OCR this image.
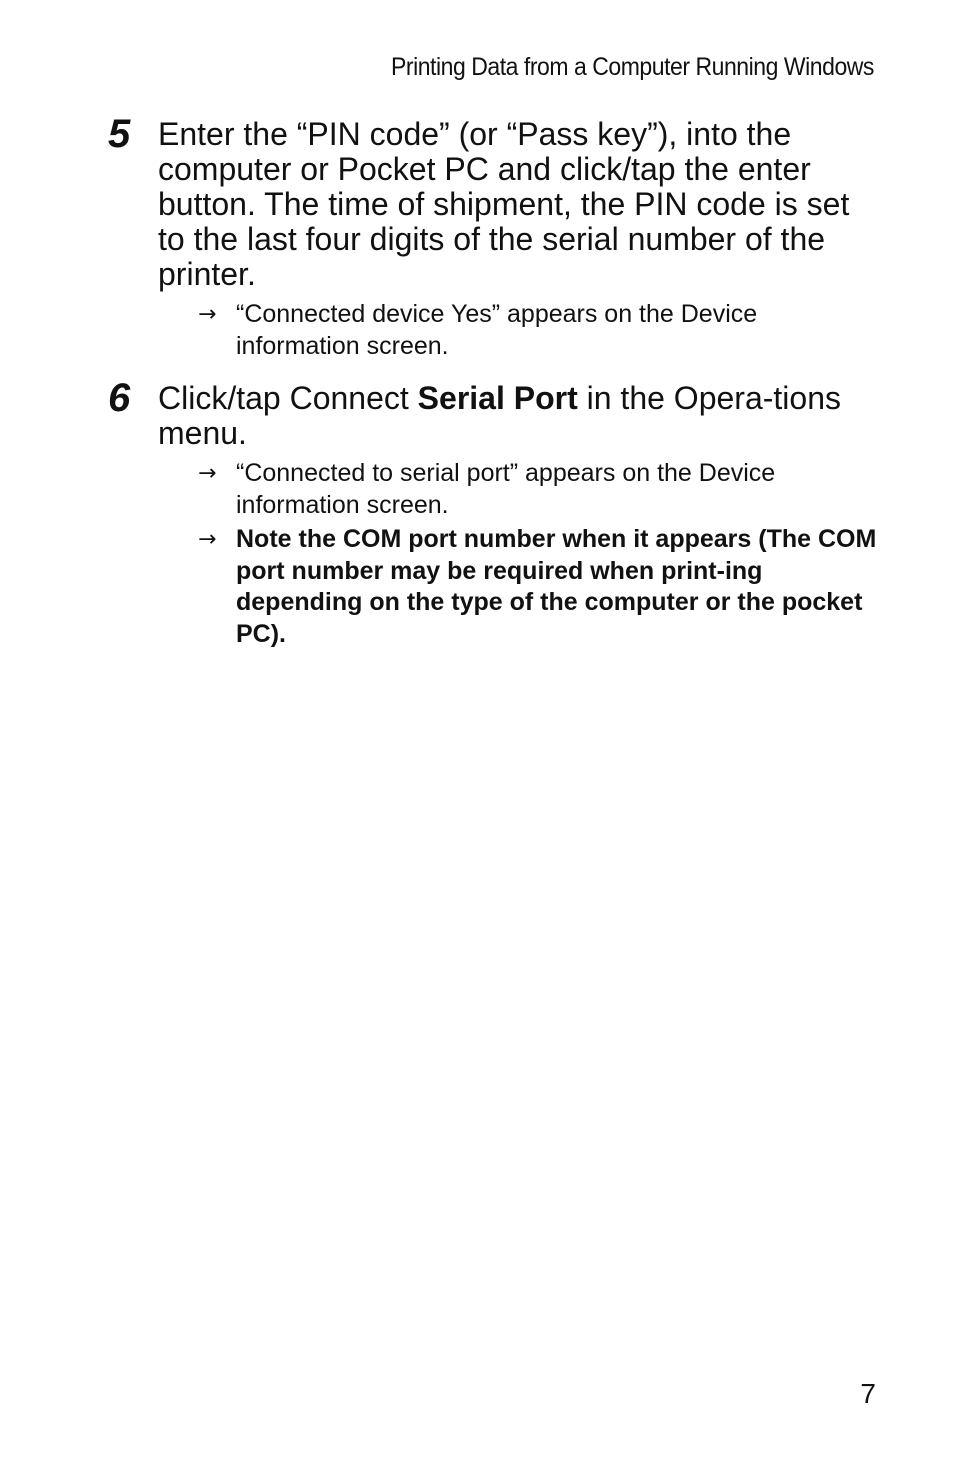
Printing Data from a Computer Running Windows
5 Enter the “PIN code” (or “Pass key”), into the computer or Pocket PC and click/tap the enter button. The time of shipment, the PIN code is set to the last four digits of the serial number of the printer.
→ “Connected device Yes” appears on the Device information screen.
6 Click/tap Connect Serial Port in the Opera-tions menu.
→ “Connected to serial port” appears on the Device information screen.
→ Note the COM port number when it appears (The COM port number may be required when print-ing depending on the type of the computer or the pocket PC).
7
